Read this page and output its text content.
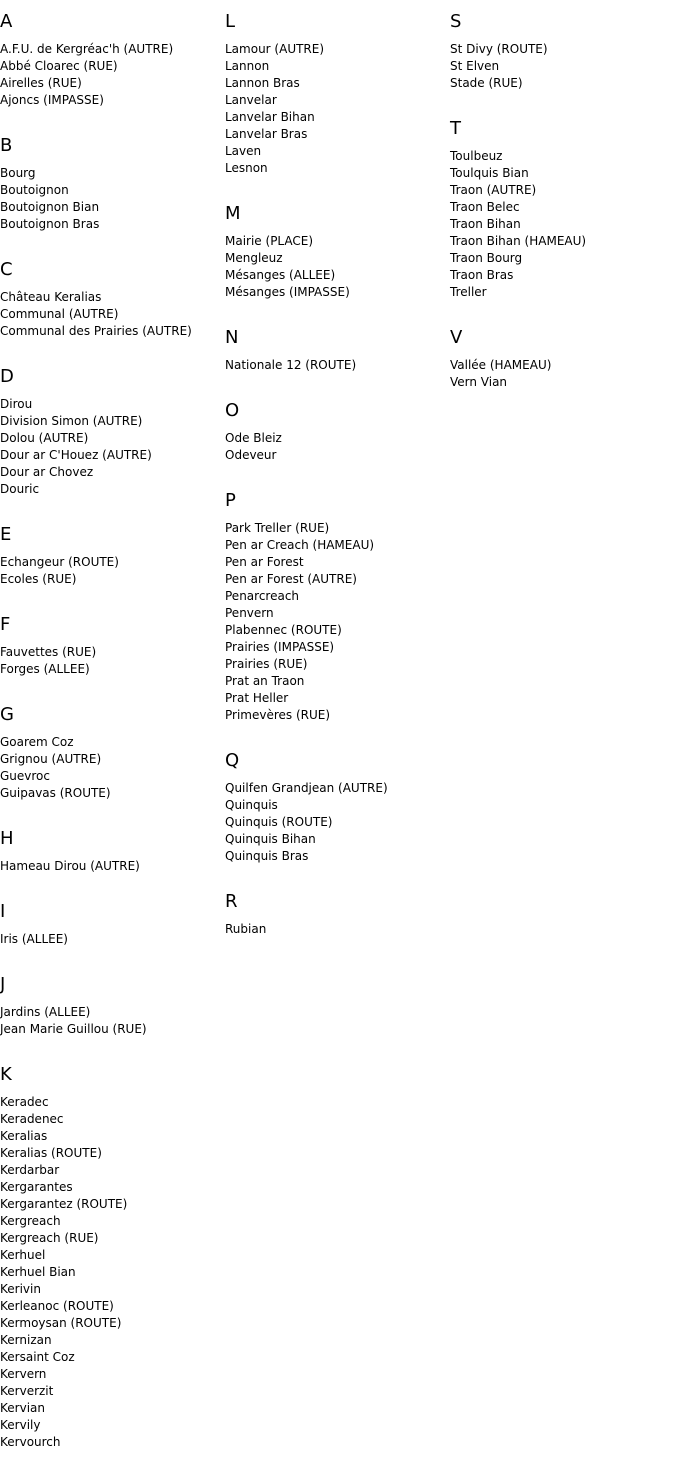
A
A.F.U. de Kergréac'h (AUTRE)
Abbé Cloarec (RUE)
Airelles (RUE)
Ajoncs (IMPASSE)
B
Bourg
Boutoignon
Boutoignon Bian
Boutoignon Bras
C
Château Keralias
Communal (AUTRE)
Communal des Prairies (AUTRE)
D
Dirou
Division Simon (AUTRE)
Dolou (AUTRE)
Dour ar C'Houez (AUTRE)
Dour ar Chovez
Douric
E
Echangeur (ROUTE)
Ecoles (RUE)
F
Fauvettes (RUE)
Forges (ALLEE)
G
Goarem Coz
Grignou (AUTRE)
Guevroc
Guipavas (ROUTE)
H
Hameau Dirou (AUTRE)
I
Iris (ALLEE)
J
Jardins (ALLEE)
Jean Marie Guillou (RUE)
K
Keradec
Keradenec
Keralias
Keralias (ROUTE)
Kerdarbar
Kergarantes
Kergarantez (ROUTE)
Kergreach
Kergreach (RUE)
Kerhuel
Kerhuel Bian
Kerivin
Kerleanoc (ROUTE)
Kermoysan (ROUTE)
Kernizan
Kersaint Coz
Kervern
Kerverzit
Kervian
Kervily
Kervourch
L
Lamour (AUTRE)
Lannon
Lannon Bras
Lanvelar
Lanvelar Bihan
Lanvelar Bras
Laven
Lesnon
M
Mairie (PLACE)
Mengleuz
Mésanges (ALLEE)
Mésanges (IMPASSE)
N
Nationale 12 (ROUTE)
O
Ode Bleiz
Odeveur
P
Park Treller (RUE)
Pen ar Creach (HAMEAU)
Pen ar Forest
Pen ar Forest (AUTRE)
Penarcreach
Penvern
Plabennec (ROUTE)
Prairies (IMPASSE)
Prairies (RUE)
Prat an Traon
Prat Heller
Primevères (RUE)
Q
Quilfen Grandjean (AUTRE)
Quinquis
Quinquis (ROUTE)
Quinquis Bihan
Quinquis Bras
R
Rubian
S
St Divy (ROUTE)
St Elven
Stade (RUE)
T
Toulbeuz
Toulquis Bian
Traon (AUTRE)
Traon Belec
Traon Bihan
Traon Bihan (HAMEAU)
Traon Bourg
Traon Bras
Treller
V
Vallée (HAMEAU)
Vern Vian
